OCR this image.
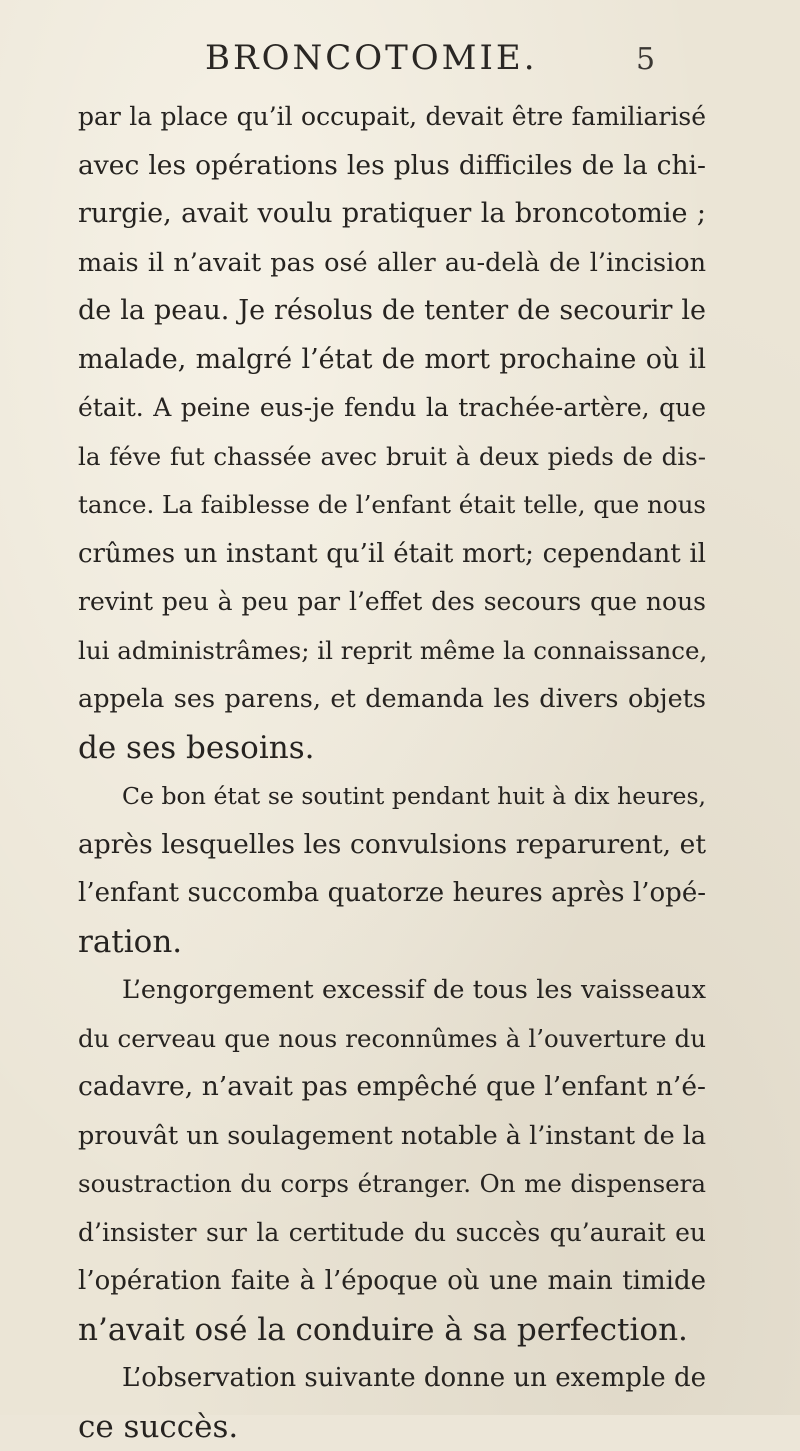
BRONCOTOMIE.	5
par la place qu’il occupait, devait être familiarisé
avec les opérations les plus difficiles de la chi-
rurgie, avait voulu pratiquer la broncotomie ;
mais il n’avait pas osé aller au-delà de l’incision
de la peau. Je résolus de tenter de secourir le
malade, malgré l’état de mort prochaine où il
était. A peine eus-je fendu la trachée-artère, que
la féve fut chassée avec bruit à deux pieds de dis-
tance. La faiblesse de l’enfant était telle, que nous
crûmes un instant qu’il était mort; cependant il
revint peu à peu par l’effet des secours que nous
lui administrâmes; il reprit même la connaissance,
appela ses parens, et demanda les divers objets
de ses besoins.
Ce bon état se soutint pendant huit à dix heures,
après lesquelles les convulsions reparurent, et
l’enfant succomba quatorze heures après l’opé-
ration.
L’engorgement excessif de tous les vaisseaux
du cerveau que nous reconnûmes à l’ouverture du
cadavre, n’avait pas empêché que l’enfant n’é-
prouvât un soulagement notable à l’instant de la
soustraction du corps étranger. On me dispensera
d’insister sur la certitude du succès qu’aurait eu
l’opération faite à l’époque où une main timide
n’avait osé la conduire à sa perfection.
L’observation suivante donne un exemple de
ce succès.
